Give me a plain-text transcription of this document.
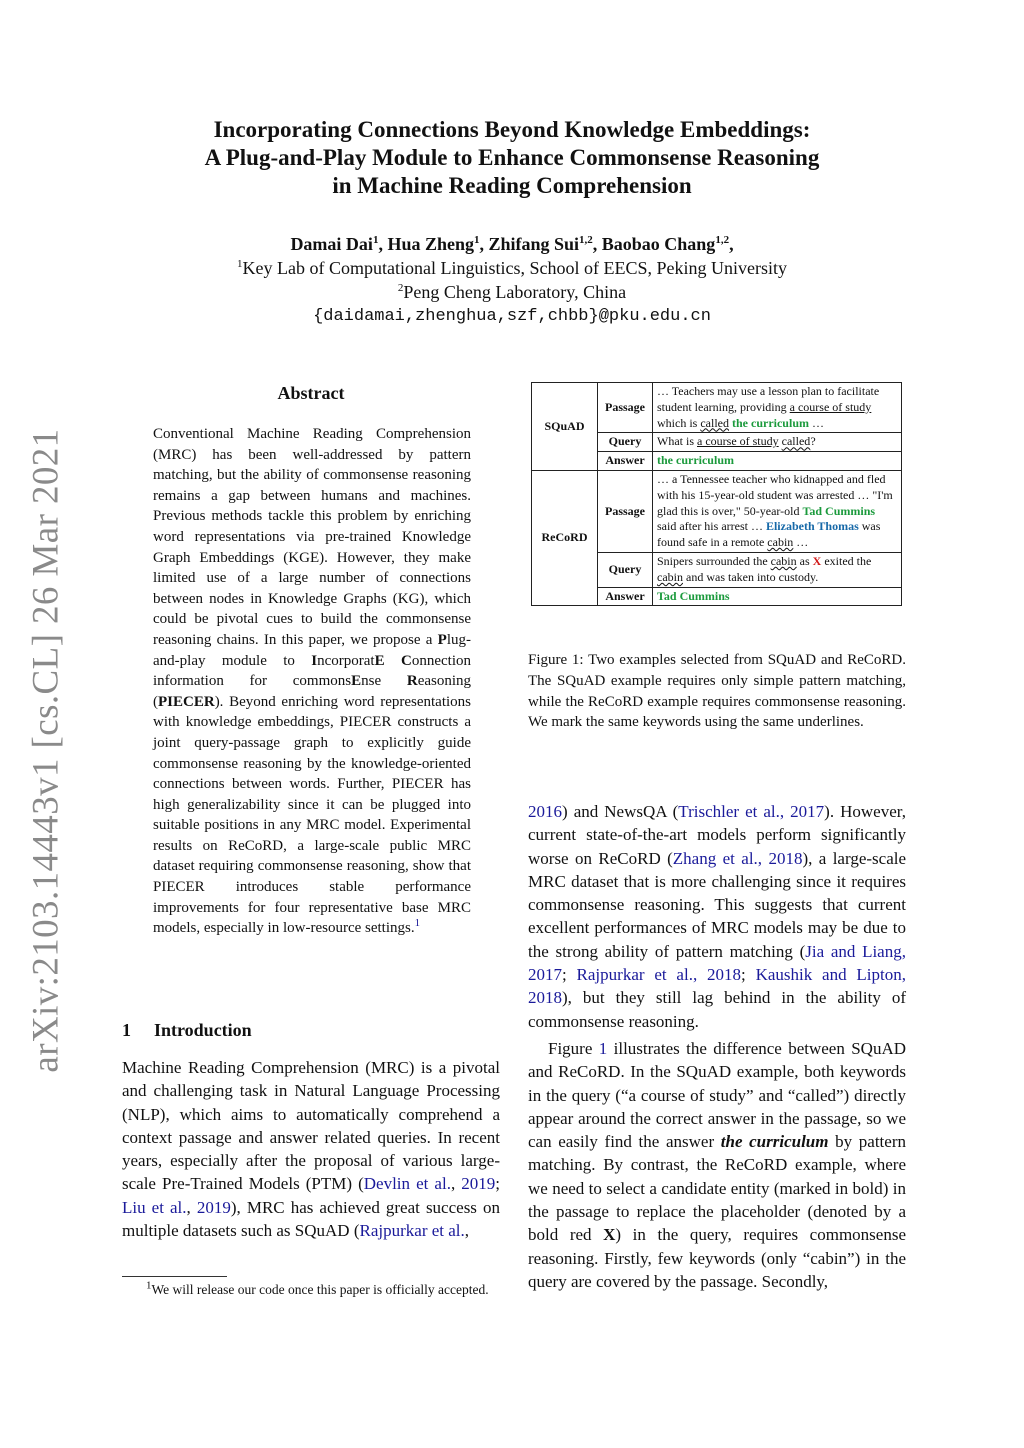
arXiv:2103.14443v1 [cs.CL] 26 Mar 2021
Incorporating Connections Beyond Knowledge Embeddings:
A Plug-and-Play Module to Enhance Commonsense Reasoning
in Machine Reading Comprehension
Damai Dai$^1$, Hua Zheng$^1$, Zhifang Sui$^{1,2}$, Baobao Chang$^{1,2}$,
$^1$Key Lab of Computational Linguistics, School of EECS, Peking University
$^2$Peng Cheng Laboratory, China
{daidamai,zhenghua,szf,chbb}@pku.edu.cn
Abstract
Conventional Machine Reading Comprehension (MRC) has been well-addressed by pattern matching, but the ability of commonsense reasoning remains a gap between humans and machines. Previous methods tackle this problem by enriching word representations via pre-trained Knowledge Graph Embeddings (KGE). However, they make limited use of a large number of connections between nodes in Knowledge Graphs (KG), which could be pivotal cues to build the commonsense reasoning chains. In this paper, we propose a Plug-and-play module to IncorporatE Connection information for commonsEnse Reasoning (PIECER). Beyond enriching word representations with knowledge embeddings, PIECER constructs a joint query-passage graph to explicitly guide commonsense reasoning by the knowledge-oriented connections between words. Further, PIECER has high generalizability since it can be plugged into suitable positions in any MRC model. Experimental results on ReCoRD, a large-scale public MRC dataset requiring commonsense reasoning, show that PIECER introduces stable performance improvements for four representative base MRC models, especially in low-resource settings.$^1$
1 Introduction
Machine Reading Comprehension (MRC) is a pivotal and challenging task in Natural Language Processing (NLP), which aims to automatically comprehend a context passage and answer related queries. In recent years, especially after the proposal of various large-scale Pre-Trained Models (PTM) (Devlin et al., 2019; Liu et al., 2019), MRC has achieved great success on multiple datasets such as SQuAD (Rajpurkar et al.,
$^1$We will release our code once this paper is officially accepted.
SQuAD	Passage	… Teachers may use a lesson plan to facilitate student learning, providing a course of study which is called the curriculum …
	Query	What is a course of study called?
	Answer	the curriculum
ReCoRD	Passage	… a Tennessee teacher who kidnapped and fled with his 15-year-old student was arrested … "I'm glad this is over," 50-year-old Tad Cummins said after his arrest … Elizabeth Thomas was found safe in a remote cabin …
	Query	Snipers surrounded the cabin as X exited the cabin and was taken into custody.
	Answer	Tad Cummins
Figure 1: Two examples selected from SQuAD and ReCoRD. The SQuAD example requires only simple pattern matching, while the ReCoRD example requires commonsense reasoning. We mark the same keywords using the same underlines.

2016) and NewsQA (Trischler et al., 2017). However, current state-of-the-art models perform significantly worse on ReCoRD (Zhang et al., 2018), a large-scale MRC dataset that is more challenging since it requires commonsense reasoning. This suggests that current excellent performances of MRC models may be due to the strong ability of pattern matching (Jia and Liang, 2017; Rajpurkar et al., 2018; Kaushik and Lipton, 2018), but they still lag behind in the ability of commonsense reasoning.

Figure 1 illustrates the difference between SQuAD and ReCoRD. In the SQuAD example, both keywords in the query (“a course of study” and “called”) directly appear around the correct answer in the passage, so we can easily find the answer the curriculum by pattern matching. By contrast, the ReCoRD example, where we need to select a candidate entity (marked in bold) in the passage to replace the placeholder (denoted by a bold red X) in the query, requires commonsense reasoning. Firstly, few keywords (only “cabin”) in the query are covered by the passage. Secondly,
